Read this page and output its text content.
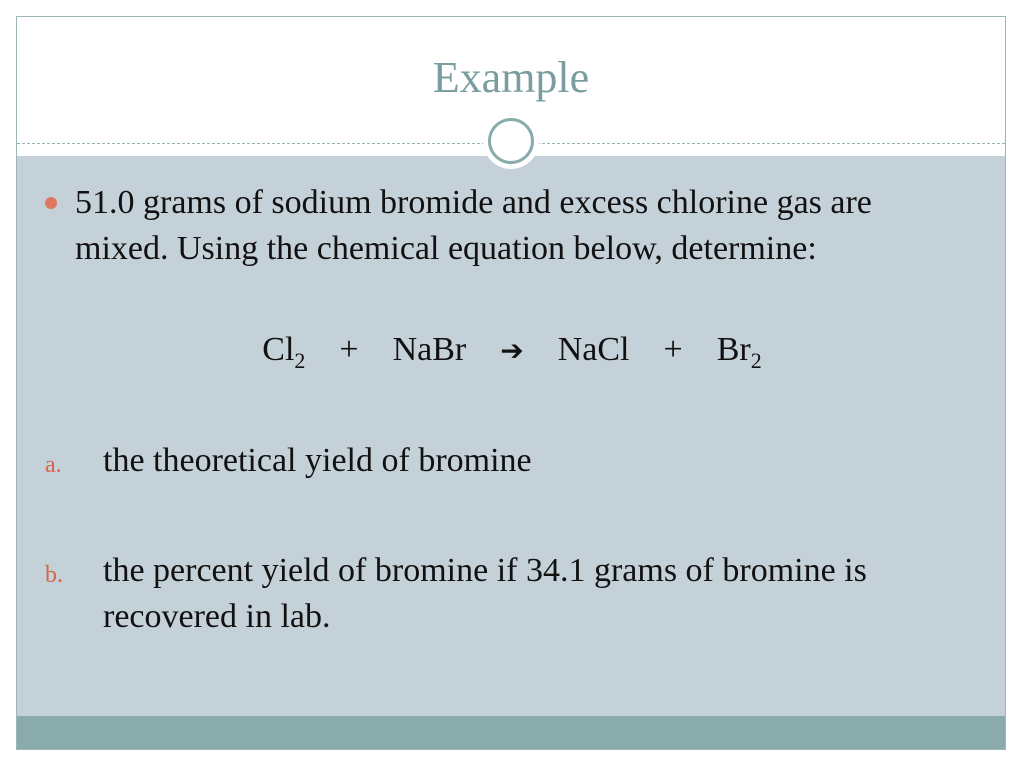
Example
51.0 grams of sodium bromide and excess chlorine gas are mixed. Using the chemical equation below, determine:
$Cl_2$ + NaBr ➔ NaCl + $Br_2$
a. the theoretical yield of bromine
b. the percent yield of bromine if 34.1 grams of bromine is recovered in lab.
